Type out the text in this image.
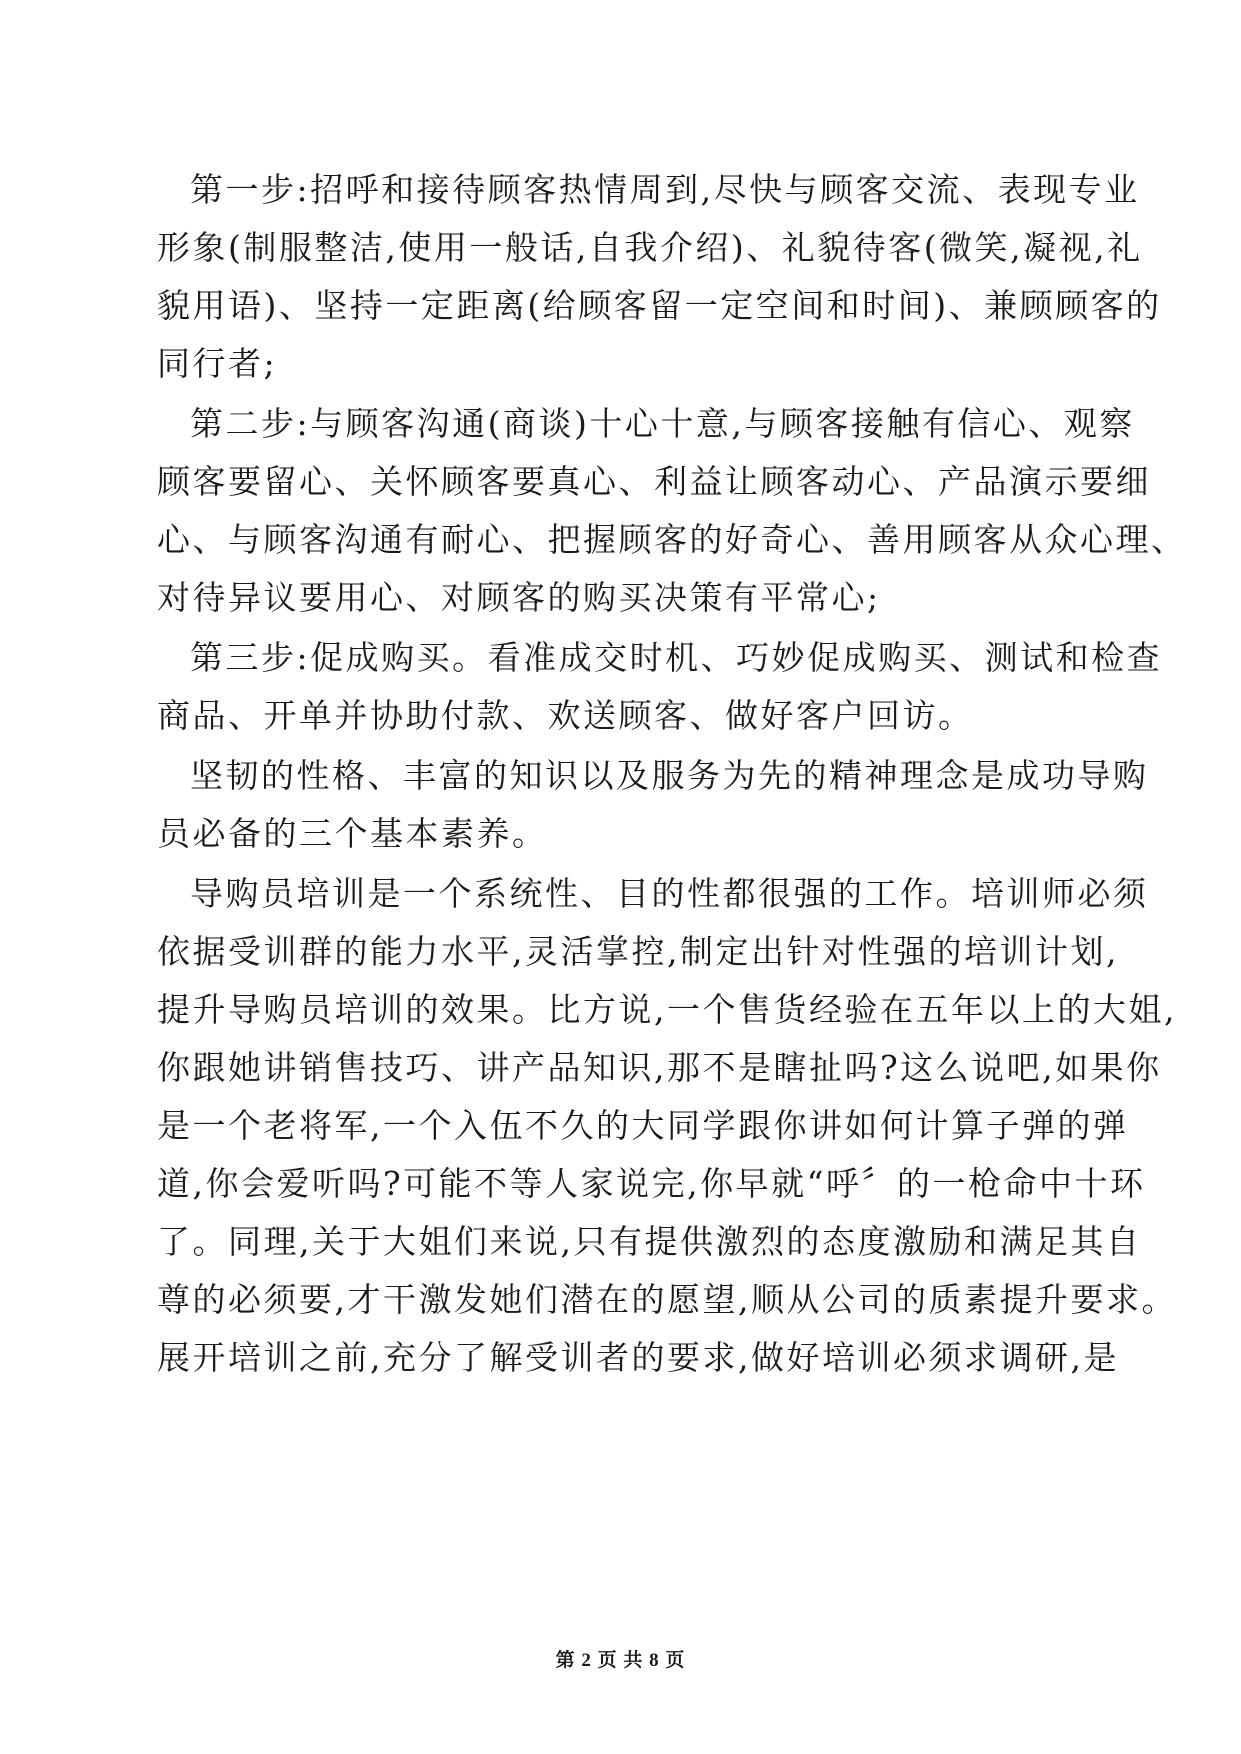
第一步:招呼和接待顾客热情周到,尽快与顾客交流、表现专业
形象(制服整洁,使用一般话,自我介绍)、礼貌待客(微笑,凝视,礼
貌用语)、坚持一定距离(给顾客留一定空间和时间)、兼顾顾客的
同行者;
第二步:与顾客沟通(商谈)十心十意,与顾客接触有信心、观察
顾客要留心、关怀顾客要真心、利益让顾客动心、产品演示要细
心、与顾客沟通有耐心、把握顾客的好奇心、善用顾客从众心理、
对待异议要用心、对顾客的购买决策有平常心;
第三步:促成购买。看准成交时机、巧妙促成购买、测试和检查
商品、开单并协助付款、欢送顾客、做好客户回访。
坚韧的性格、丰富的知识以及服务为先的精神理念是成功导购
员必备的三个基本素养。
导购员培训是一个系统性、目的性都很强的工作。培训师必须
依据受训群的能力水平,灵活掌控,制定出针对性强的培训计划,
提升导购员培训的效果。比方说,一个售货经验在五年以上的大姐,
你跟她讲销售技巧、讲产品知识,那不是瞎扯吗?这么说吧,如果你
是一个老将军,一个入伍不久的大同学跟你讲如何计算子弹的弹
道,你会爱听吗?可能不等人家说完,你早就“呼〞的一枪命中十环
了。同理,关于大姐们来说,只有提供激烈的态度激励和满足其自
尊的必须要,才干激发她们潜在的愿望,顺从公司的质素提升要求。
展开培训之前,充分了解受训者的要求,做好培训必须求调研,是
第 2 页 共 8 页
